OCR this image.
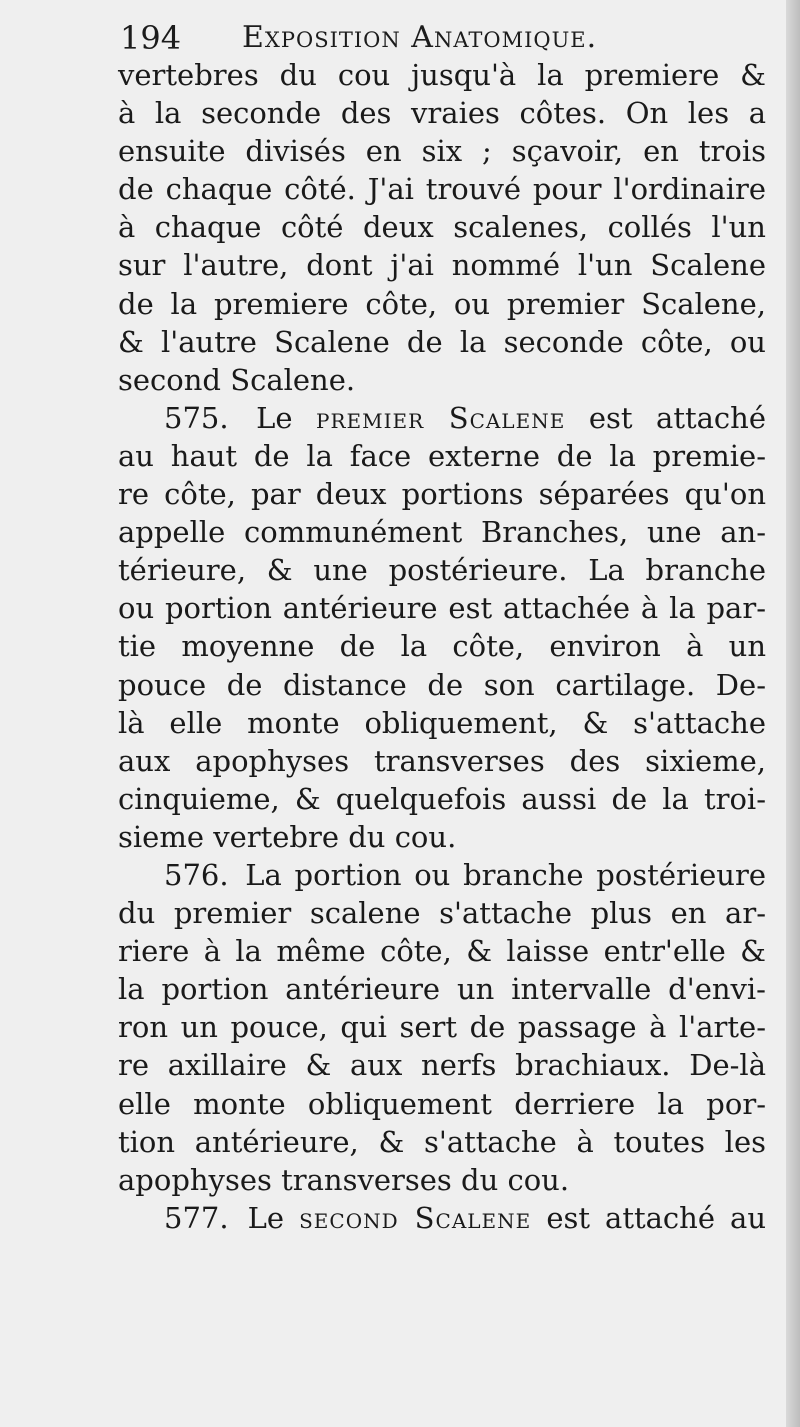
194 Exposition Anatomique.
vertebres du cou jusqu'à la premiere &
à la seconde des vraies côtes. On les a
ensuite divisés en six ; sçavoir, en trois
de chaque côté. J'ai trouvé pour l'ordinaire
à chaque côté deux scalenes, collés l'un
sur l'autre, dont j'ai nommé l'un Scalene
de la premiere côte, ou premier Scalene,
& l'autre Scalene de la seconde côte, ou
second Scalene.
575. Le premier Scalene est attaché
au haut de la face externe de la premie-
re côte, par deux portions séparées qu'on
appelle communément Branches, une an-
térieure, & une postérieure. La branche
ou portion antérieure est attachée à la par-
tie moyenne de la côte, environ à un
pouce de distance de son cartilage. De-
là elle monte obliquement, & s'attache
aux apophyses transverses des sixieme,
cinquieme, & quelquefois aussi de la troi-
sieme vertebre du cou.
576. La portion ou branche postérieure
du premier scalene s'attache plus en ar-
riere à la même côte, & laisse entr'elle &
la portion antérieure un intervalle d'envi-
ron un pouce, qui sert de passage à l'arte-
re axillaire & aux nerfs brachiaux. De-là
elle monte obliquement derriere la por-
tion antérieure, & s'attache à toutes les
apophyses transverses du cou.
577. Le second Scalene est attaché au
